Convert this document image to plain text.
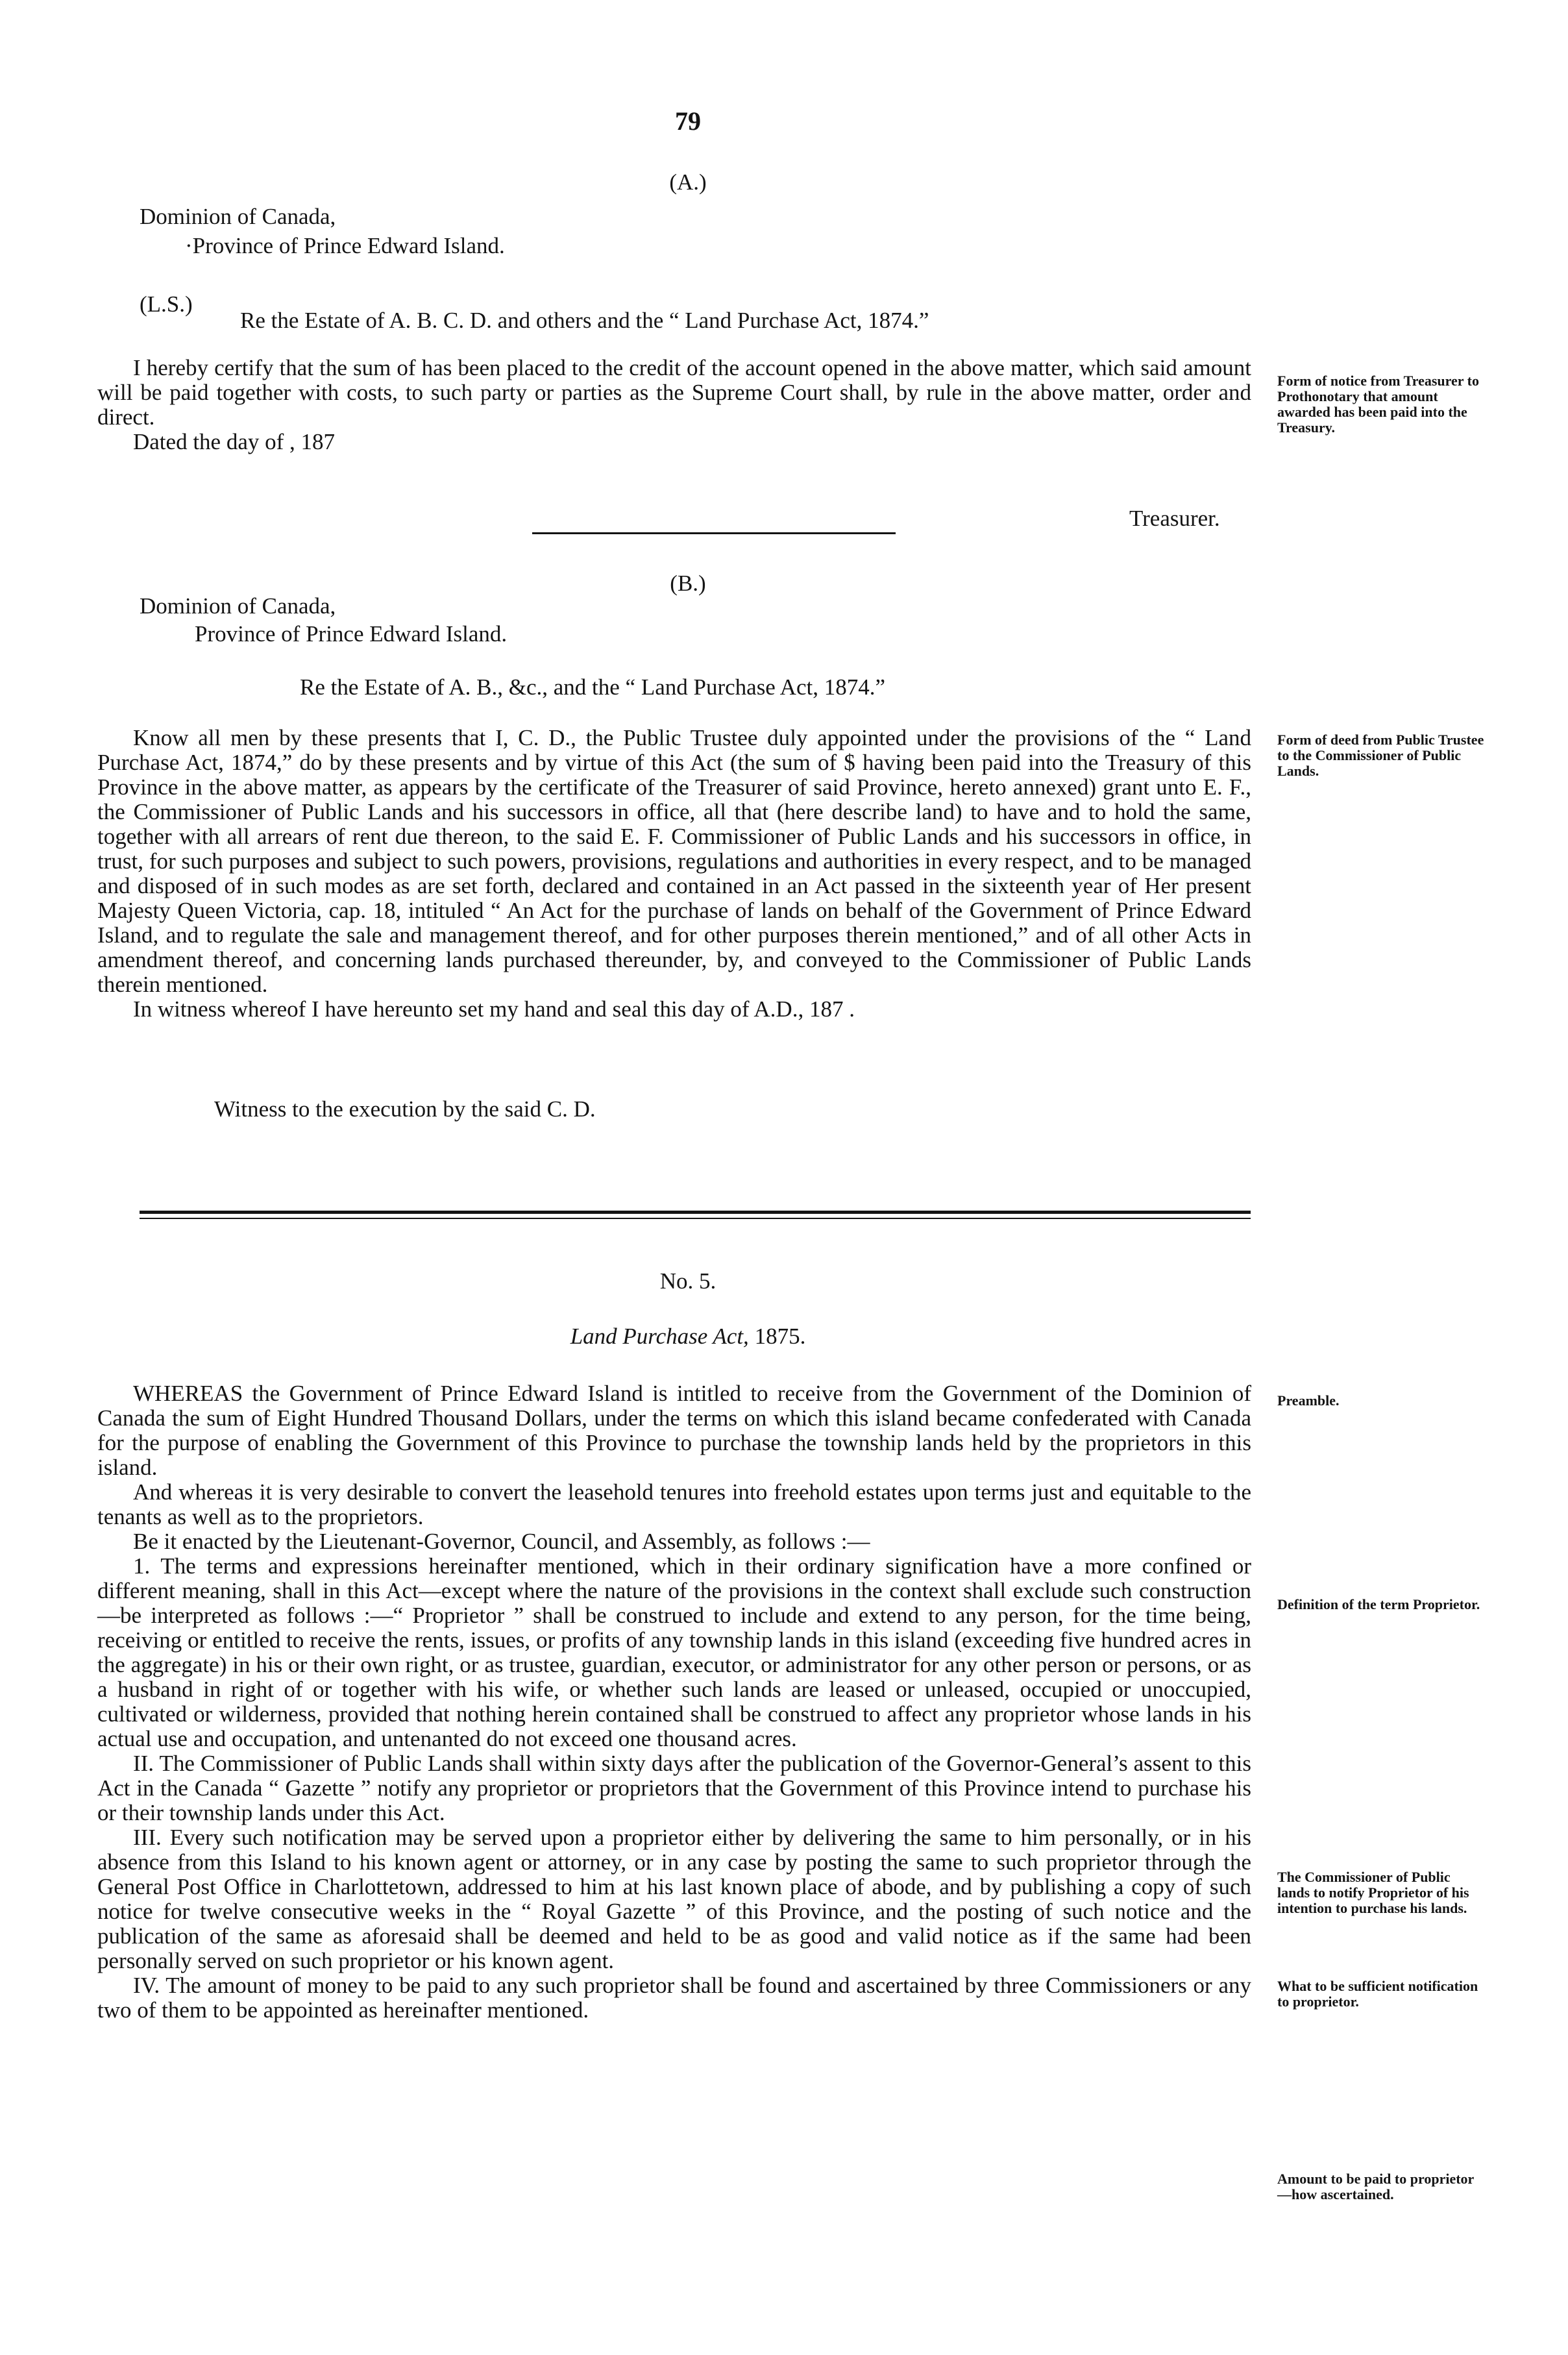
79
(A.)
Dominion of Canada,
·Province of Prince Edward Island.
(L.S.)
Re the Estate of A. B. C. D. and others and the “ Land Purchase Act, 1874.”

I hereby certify that the sum of has been placed to the credit of the account opened in the above matter, which said amount will be paid together with costs, to such party or parties as the Supreme Court shall, by rule in the above matter, order and direct.

Dated the day of , 187

Treasurer.
Form of notice from Treasurer to Prothonotary that amount awarded has been paid into the Treasury.
(B.)
Dominion of Canada,
Province of Prince Edward Island.
Re the Estate of A. B., &c., and the “ Land Purchase Act, 1874.”

Know all men by these presents that I, C. D., the Public Trustee duly appointed under the provisions of the “ Land Purchase Act, 1874,” do by these presents and by virtue of this Act (the sum of $ having been paid into the Treasury of this Province in the above matter, as appears by the certificate of the Treasurer of said Province, hereto annexed) grant unto E. F., the Commissioner of Public Lands and his successors in office, all that (here describe land) to have and to hold the same, together with all arrears of rent due thereon, to the said E. F. Commissioner of Public Lands and his successors in office, in trust, for such purposes and subject to such powers, provisions, regulations and authorities in every respect, and to be managed and disposed of in such modes as are set forth, declared and contained in an Act passed in the sixteenth year of Her present Majesty Queen Victoria, cap. 18, intituled “ An Act for the purchase of lands on behalf of the Government of Prince Edward Island, and to regulate the sale and management thereof, and for other purposes therein mentioned,” and of all other Acts in amendment thereof, and concerning lands purchased thereunder, by, and conveyed to the Commissioner of Public Lands therein mentioned.

In witness whereof I have hereunto set my hand and seal this day of A.D., 187 .

Witness to the execution by the said C. D.
Form of deed from Public Trustee to the Commissioner of Public Lands.
No. 5.
Land Purchase Act, 1875.

WHEREAS the Government of Prince Edward Island is intitled to receive from the Government of the Dominion of Canada the sum of Eight Hundred Thousand Dollars, under the terms on which this island became confederated with Canada for the purpose of enabling the Government of this Province to purchase the township lands held by the proprietors in this island.

And whereas it is very desirable to convert the leasehold tenures into freehold estates upon terms just and equitable to the tenants as well as to the proprietors.

Be it enacted by the Lieutenant-Governor, Council, and Assembly, as follows :—

1. The terms and expressions hereinafter mentioned, which in their ordinary signification have a more confined or different meaning, shall in this Act—except where the nature of the provisions in the context shall exclude such construction—be interpreted as follows :—“ Proprietor ” shall be construed to include and extend to any person, for the time being, receiving or entitled to receive the rents, issues, or profits of any township lands in this island (exceeding five hundred acres in the aggregate) in his or their own right, or as trustee, guardian, executor, or administrator for any other person or persons, or as a husband in right of or together with his wife, or whether such lands are leased or unleased, occupied or unoccupied, cultivated or wilderness, provided that nothing herein contained shall be construed to affect any proprietor whose lands in his actual use and occupation, and untenanted do not exceed one thousand acres.

II. The Commissioner of Public Lands shall within sixty days after the publication of the Governor-General’s assent to this Act in the Canada “ Gazette ” notify any proprietor or proprietors that the Government of this Province intend to purchase his or their township lands under this Act.

III. Every such notification may be served upon a proprietor either by delivering the same to him personally, or in his absence from this Island to his known agent or attorney, or in any case by posting the same to such proprietor through the General Post Office in Charlottetown, addressed to him at his last known place of abode, and by publishing a copy of such notice for twelve consecutive weeks in the “ Royal Gazette ” of this Province, and the posting of such notice and the publication of the same as aforesaid shall be deemed and held to be as good and valid notice as if the same had been personally served on such proprietor or his known agent.

IV. The amount of money to be paid to any such proprietor shall be found and ascertained by three Commissioners or any two of them to be appointed as hereinafter mentioned.

Preamble.
Definition of the term Proprietor.
The Commissioner of Public lands to notify Proprietor of his intention to purchase his lands.
What to be sufficient notification to proprietor.
Amount to be paid to proprietor—how ascertained.
